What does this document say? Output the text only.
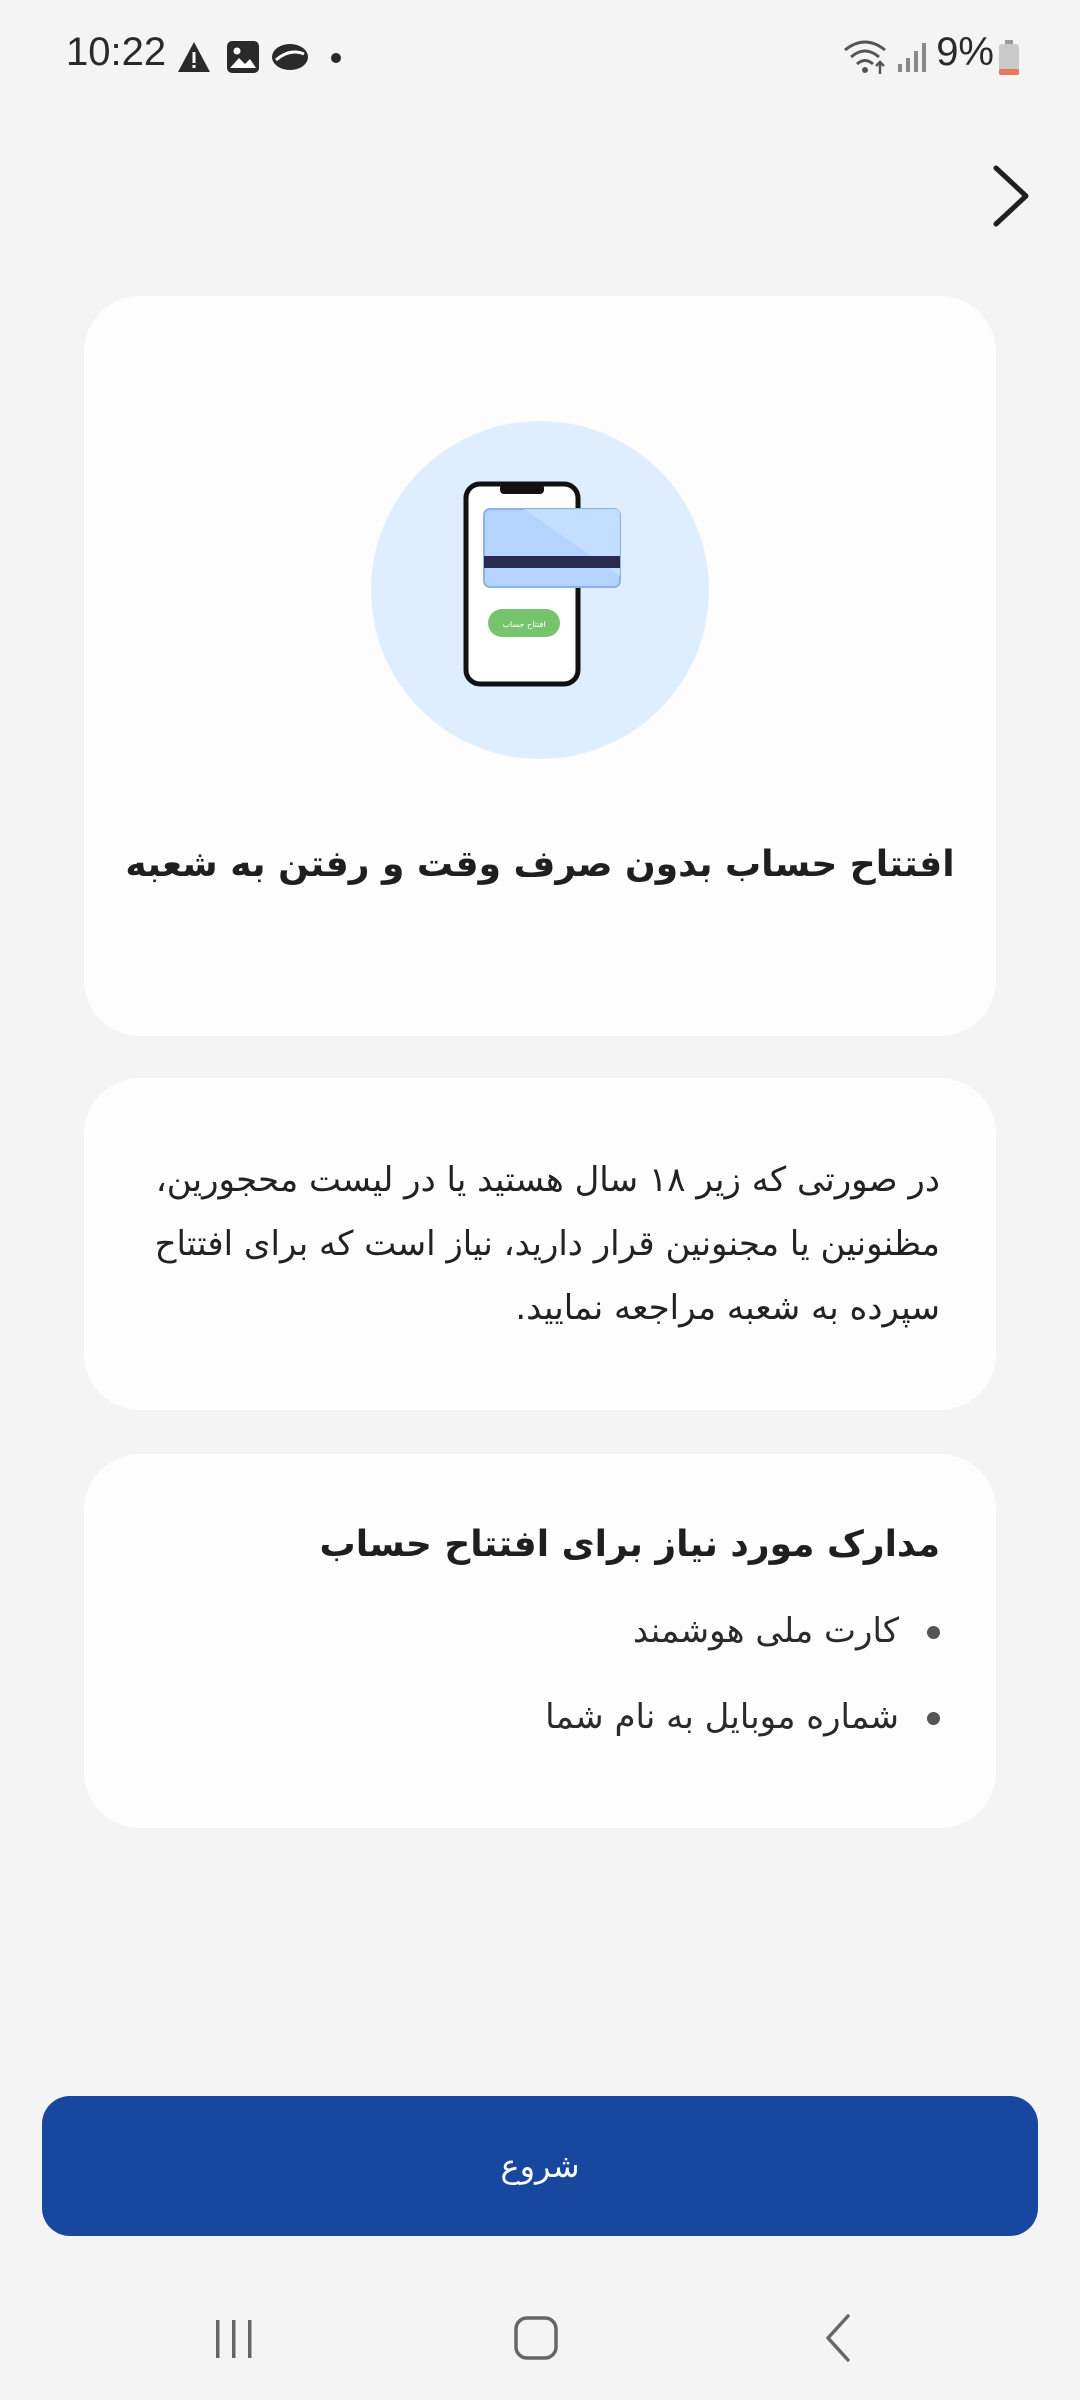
10:22	9%
افتتاح حساب
افتتاح حساب بدون صرف وقت و رفتن به شعبه
در صورتی که زیر ۱۸ سال هستید یا در لیست محجورین، مظنونین یا مجنونین قرار دارید، نیاز است که برای افتتاح سپرده به شعبه مراجعه نمایید.
مدارک مورد نیاز برای افتتاح حساب
کارت ملی هوشمند
شماره موبایل به نام شما
شروع
